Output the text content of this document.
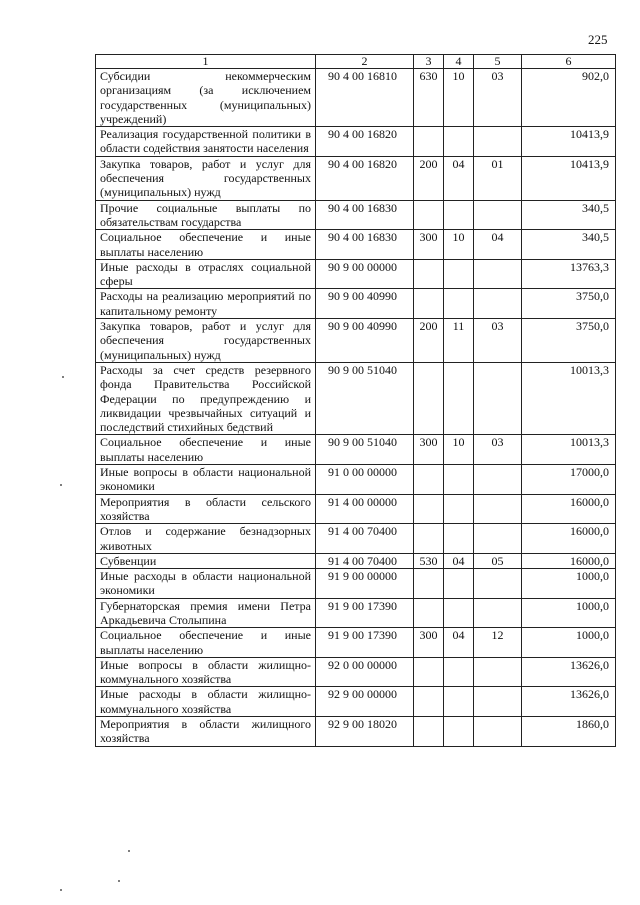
225
1	2	3	4	5	6
Субсидии некоммерческим организациям (за исключением государственных (муниципальных) учреждений)	90 4 00 16810	630	10	03	902,0
Реализация государственной политики в области содействия занятости населения	90 4 00 16820				10413,9
Закупка товаров, работ и услуг для обеспечения государственных (муниципальных) нужд	90 4 00 16820	200	04	01	10413,9
Прочие социальные выплаты по обязательствам государства	90 4 00 16830				340,5
Социальное обеспечение и иные выплаты населению	90 4 00 16830	300	10	04	340,5
Иные расходы в отраслях социальной сферы	90 9 00 00000				13763,3
Расходы на реализацию мероприятий по капитальному ремонту	90 9 00 40990				3750,0
Закупка товаров, работ и услуг для обеспечения государственных (муниципальных) нужд	90 9 00 40990	200	11	03	3750,0
Расходы за счет средств резервного фонда Правительства Российской Федерации по предупреждению и ликвидации чрезвычайных ситуаций и последствий стихийных бедствий	90 9 00 51040				10013,3
Социальное обеспечение и иные выплаты населению	90 9 00 51040	300	10	03	10013,3
Иные вопросы в области национальной экономики	91 0 00 00000				17000,0
Мероприятия в области сельского хозяйства	91 4 00 00000				16000,0
Отлов и содержание безнадзорных животных	91 4 00 70400				16000,0
Субвенции	91 4 00 70400	530	04	05	16000,0
Иные расходы в области национальной экономики	91 9 00 00000				1000,0
Губернаторская премия имени Петра Аркадьевича Столыпина	91 9 00 17390				1000,0
Социальное обеспечение и иные выплаты населению	91 9 00 17390	300	04	12	1000,0
Иные вопросы в области жилищно-коммунального хозяйства	92 0 00 00000				13626,0
Иные расходы в области жилищно-коммунального хозяйства	92 9 00 00000				13626,0
Мероприятия в области жилищного хозяйства	92 9 00 18020				1860,0
